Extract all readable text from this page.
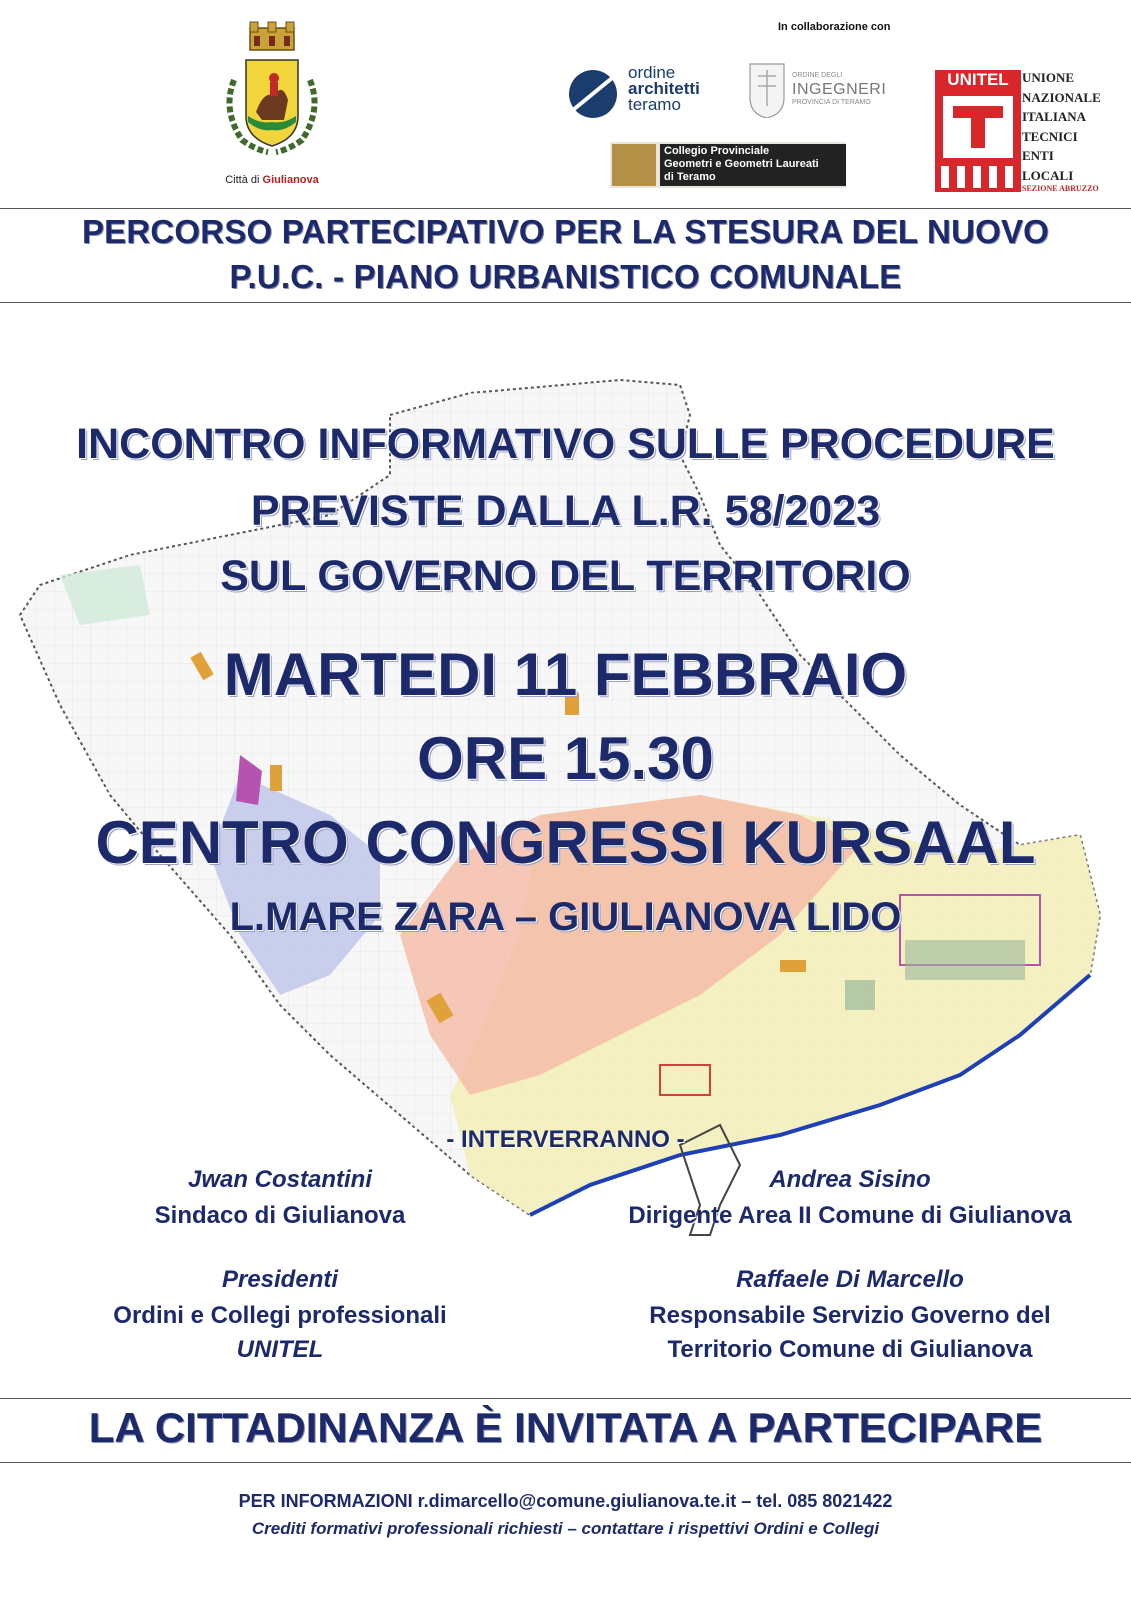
Città di Giulianova
In collaborazione con
ordine
architetti
teramo
ORDINE DEGLI
INGEGNERI
PROVINCIA DI TERAMO
Collegio Provinciale
Geometri e Geometri Laureati
di Teramo
UNITEL	UNIONE
NAZIONALE
ITALIANA
TECNICI
ENTI
LOCALI
SEZIONE ABRUZZO
PERCORSO PARTECIPATIVO PER LA STESURA DEL NUOVO
P.U.C. - PIANO URBANISTICO COMUNALE
INCONTRO INFORMATIVO SULLE PROCEDURE
PREVISTE DALLA L.R. 58/2023
SUL GOVERNO DEL TERRITORIO
MARTEDI 11 FEBBRAIO
ORE 15.30
CENTRO CONGRESSI KURSAAL
L.MARE ZARA – GIULIANOVA LIDO
- INTERVERRANNO -
Jwan Costantini
Sindaco di Giulianova
Andrea Sisino
Dirigente Area II Comune di Giulianova
Presidenti
Ordini e Collegi professionali
UNITEL
Raffaele Di Marcello
Responsabile Servizio Governo del
Territorio Comune di Giulianova
LA CITTADINANZA È INVITATA A PARTECIPARE
PER INFORMAZIONI r.dimarcello@comune.giulianova.te.it – tel. 085 8021422
Crediti formativi professionali richiesti – contattare i rispettivi Ordini e Collegi
